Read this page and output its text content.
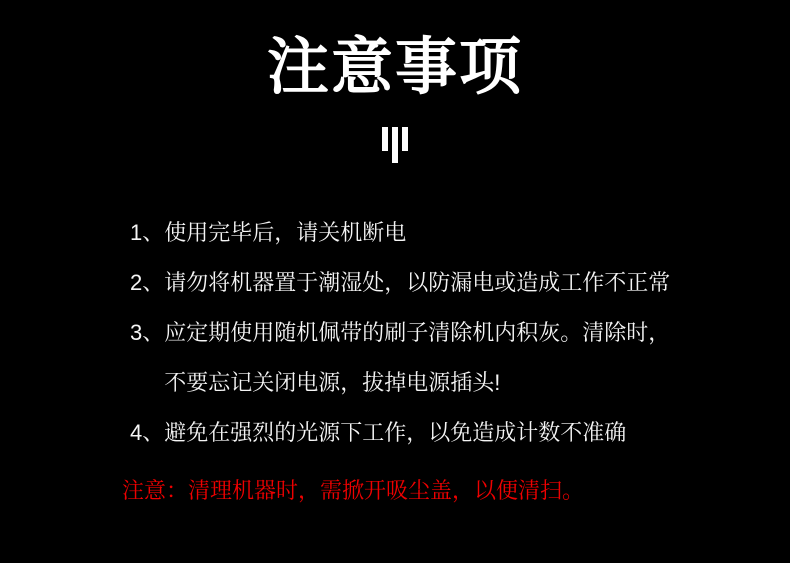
注意事项
1、 使用完毕后，请关机断电
2、 请勿将机器置于潮湿处，以防漏电或造成工作不正常
3、 应定期使用随机佩带的刷子清除机内积灰。清除时，
不要忘记关闭电源，拔掉电源插头!
4、 避免在强烈的光源下工作，以免造成计数不准确
注意：清理机器时，需掀开吸尘盖，以便清扫。
